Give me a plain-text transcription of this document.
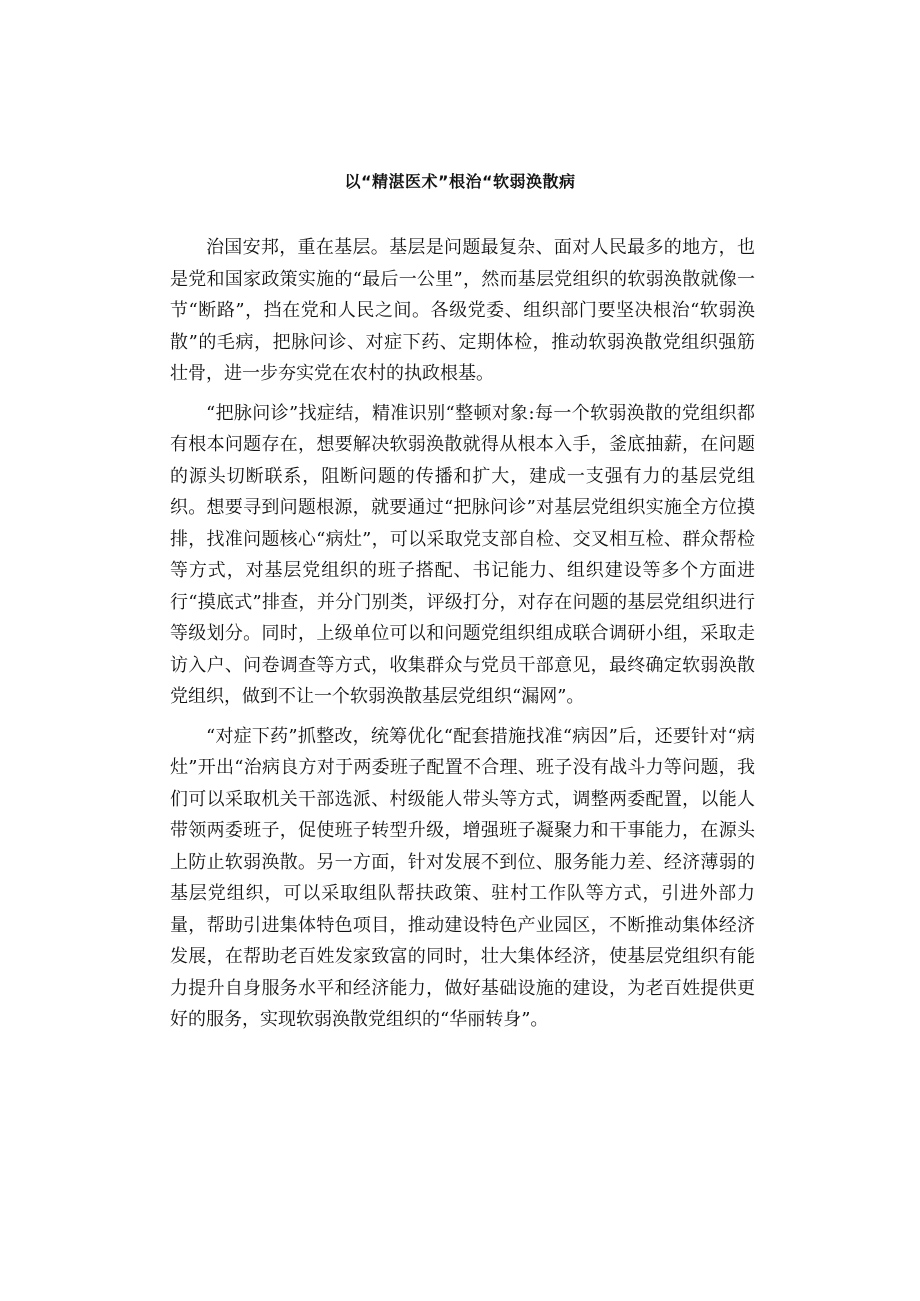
以“精湛医术”根治“软弱涣散病

治国安邦，重在基层。基层是问题最复杂、面对人民最多的地方，也是党和国家政策实施的“最后一公里”，然而基层党组织的软弱涣散就像一节“断路”，挡在党和人民之间。各级党委、组织部门要坚决根治“软弱涣散”的毛病，把脉问诊、对症下药、定期体检，推动软弱涣散党组织强筋壮骨，进一步夯实党在农村的执政根基。

“把脉问诊”找症结，精准识别“整顿对象:每一个软弱涣散的党组织都有根本问题存在，想要解决软弱涣散就得从根本入手，釜底抽薪，在问题的源头切断联系，阻断问题的传播和扩大，建成一支强有力的基层党组织。想要寻到问题根源，就要通过“把脉问诊”对基层党组织实施全方位摸排，找准问题核心“病灶”，可以采取党支部自检、交叉相互检、群众帮检等方式，对基层党组织的班子搭配、书记能力、组织建设等多个方面进行“摸底式”排查，并分门别类，评级打分，对存在问题的基层党组织进行等级划分。同时，上级单位可以和问题党组织组成联合调研小组，采取走访入户、问卷调查等方式，收集群众与党员干部意见，最终确定软弱涣散党组织，做到不让一个软弱涣散基层党组织“漏网”。

“对症下药”抓整改，统筹优化“配套措施找准“病因”后，还要针对“病灶”开出“治病良方对于两委班子配置不合理、班子没有战斗力等问题，我们可以采取机关干部选派、村级能人带头等方式，调整两委配置，以能人带领两委班子，促使班子转型升级，增强班子凝聚力和干事能力，在源头上防止软弱涣散。另一方面，针对发展不到位、服务能力差、经济薄弱的基层党组织，可以采取组队帮扶政策、驻村工作队等方式，引进外部力量，帮助引进集体特色项目，推动建设特色产业园区，不断推动集体经济发展，在帮助老百姓发家致富的同时，壮大集体经济，使基层党组织有能力提升自身服务水平和经济能力，做好基础设施的建设，为老百姓提供更好的服务，实现软弱涣散党组织的“华丽转身”。
